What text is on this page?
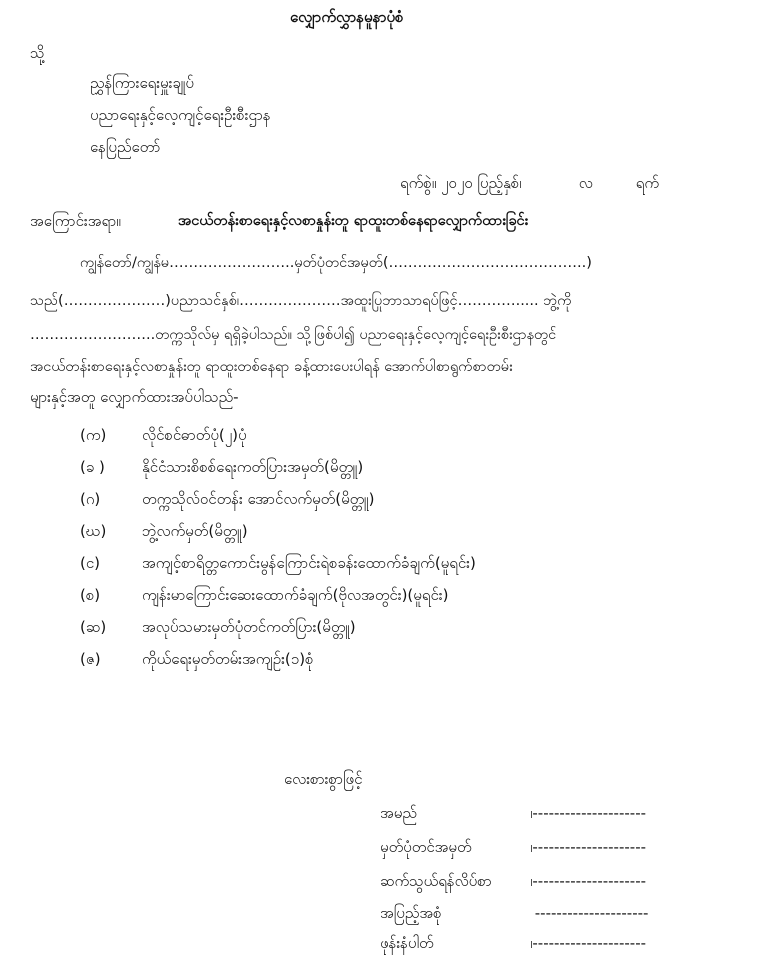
လျှောက်လွှာနမူနာပုံစံ
သို့
ညွှန်ကြားရေးမှူးချုပ်
ပညာရေးနှင့်လေ့ကျင့်ရေးဦးစီးဌာန
နေပြည်တော်
ရက်စွဲ။ ၂၀၂၀ ပြည့်နှစ်၊            လ         ရက်
အကြောင်းအရာ။	အငယ်တန်းစာရေးနှင့်လစာနှုန်းတူ ရာထူးတစ်နေရာလျှောက်ထားခြင်း
ကျွန်တော်/ကျွန်မ……………………..မှတ်ပုံတင်အမှတ်(…………………………………..)
သည်(…………………)ပညာသင်နှစ်၊…………………အထူးပြုဘာသာရပ်ဖြင့်…………..... ဘွဲ့ကို
……………………..တက္ကသိုလ်မှ ရရှိခဲ့ပါသည်။ သို့ဖြစ်ပါ၍ ပညာရေးနှင့်လေ့ကျင့်ရေးဦးစီးဌာနတွင်
အငယ်တန်းစာရေးနှင့်လစာနှုန်းတူ ရာထူးတစ်နေရာ ခန့်ထားပေးပါရန် အောက်ပါစာရွက်စာတမ်း
များနှင့်အတူ လျှောက်ထားအပ်ပါသည်-
(က) လိုင်စင်ဓာတ်ပုံ(၂)ပုံ
(ခ ) နိုင်ငံသားစိစစ်ရေးကတ်ပြားအမှတ်(မိတ္တူ)
(ဂ)	တက္ကသိုလ်ဝင်တန်း အောင်လက်မှတ်(မိတ္တူ)
(ဃ) ဘွဲ့လက်မှတ်(မိတ္တူ)
(င)	အကျင့်စာရိတ္တကောင်းမွန်ကြောင်းရဲစခန်းထောက်ခံချက်(မူရင်း)
(စ)	ကျန်းမာကြောင်းဆေးထောက်ခံချက်(ဗိုလအတွင်း)(မူရင်း)
(ဆ) အလုပ်သမားမှတ်ပုံတင်ကတ်ပြား(မိတ္တူ)
(ဇ)	ကိုယ်ရေးမှတ်တမ်းအကျဉ်း(၁)စုံ
လေးစားစွာဖြင့်
အမည်	၊---------------------
မှတ်ပုံတင်အမှတ်	၊---------------------
ဆက်သွယ်ရန်လိပ်စာ	၊---------------------
အပြည့်အစုံ	---------------------
ဖုန်းနံပါတ်	၊---------------------
